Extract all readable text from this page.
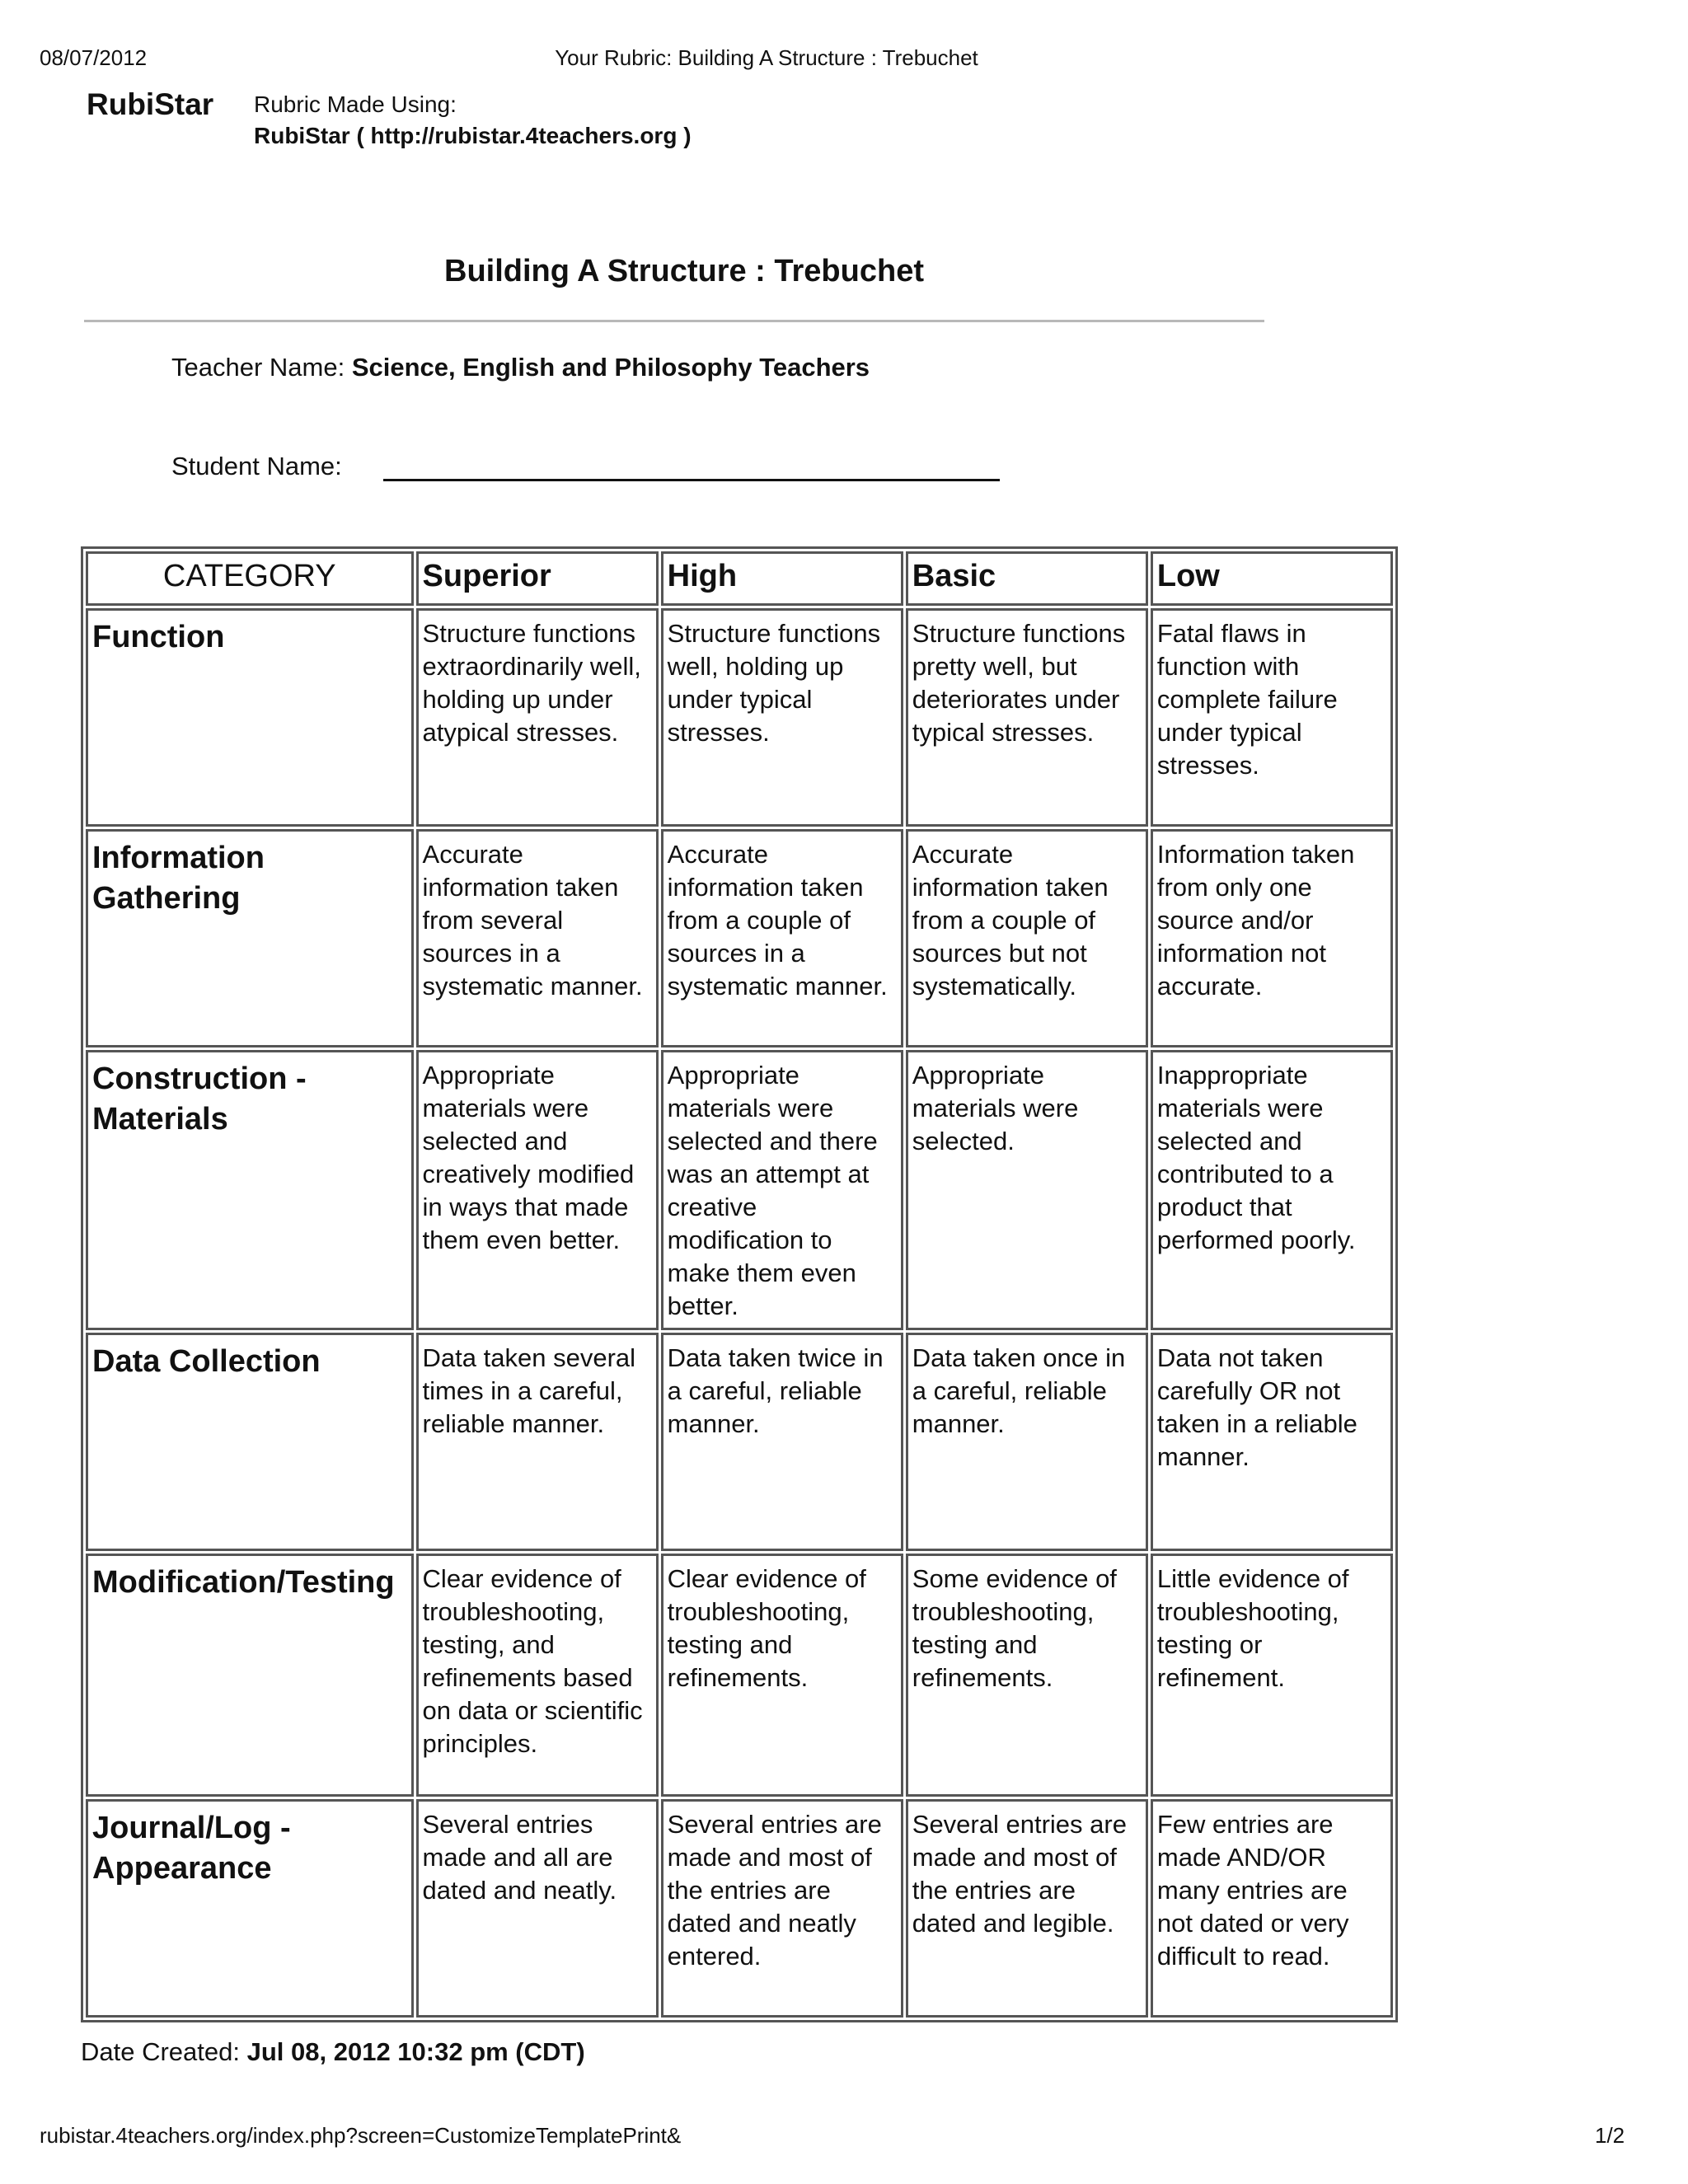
08/07/2012	Your Rubric: Building A Structure : Trebuchet
RubiStar Rubric Made Using:
RubiStar ( http://rubistar.4teachers.org )
Building A Structure : Trebuchet
Teacher Name: Science, English and Philosophy Teachers
Student Name:
CATEGORY	Superior	High	Basic	Low
Function	Structure functions extraordinarily well, holding up under atypical stresses.	Structure functions well, holding up under typical stresses.	Structure functions pretty well, but deteriorates under typical stresses.	Fatal flaws in function with complete failure under typical stresses.
Information Gathering	Accurate information taken from several sources in a systematic manner.	Accurate information taken from a couple of sources in a systematic manner.	Accurate information taken from a couple of sources but not systematically.	Information taken from only one source and/or information not accurate.
Construction - Materials	Appropriate materials were selected and creatively modified in ways that made them even better.	Appropriate materials were selected and there was an attempt at creative modification to make them even better.	Appropriate materials were selected.	Inappropriate materials were selected and contributed to a product that performed poorly.
Data Collection	Data taken several times in a careful, reliable manner.	Data taken twice in a careful, reliable manner.	Data taken once in a careful, reliable manner.	Data not taken carefully OR not taken in a reliable manner.
Modification/Testing	Clear evidence of troubleshooting, testing, and refinements based on data or scientific principles.	Clear evidence of troubleshooting, testing and refinements.	Some evidence of troubleshooting, testing and refinements.	Little evidence of troubleshooting, testing or refinement.
Journal/Log - Appearance	Several entries made and all are dated and neatly.	Several entries are made and most of the entries are dated and neatly entered.	Several entries are made and most of the entries are dated and legible.	Few entries are made AND/OR many entries are not dated or very difficult to read.
Date Created: Jul 08, 2012 10:32 pm (CDT)
rubistar.4teachers.org/index.php?screen=CustomizeTemplatePrint&	1/2
